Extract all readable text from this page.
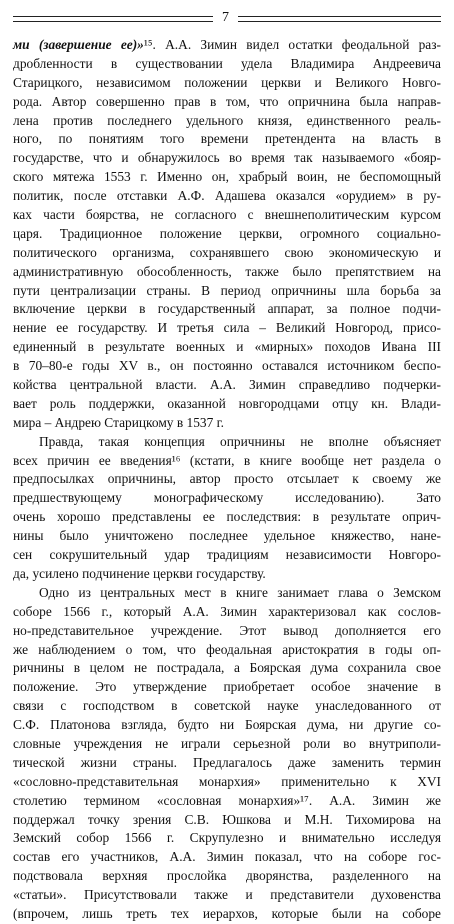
7
ми (завершение ее)»¹⁵. А.А. Зимин видел остатки феодальной раз-
дробленности в существовании удела Владимира Андреевича
Старицкого, независимом положении церкви и Великого Новго-
рода. Автор совершенно прав в том, что опричнина была направ-
лена против последнего удельного князя, единственного реаль-
ного, по понятиям того времени претендента на власть в
государстве, что и обнаружилось во время так называемого «бояр-
ского мятежа 1553 г. Именно он, храбрый воин, не беспомощный
политик, после отставки А.Ф. Адашева оказался «орудием» в ру-
ках части боярства, не согласного с внешнеполитическим курсом
царя. Традиционное положение церкви, огромного социально-
политического организма, сохранявшего свою экономическую и
административную обособленность, также было препятствием на
пути централизации страны. В период опричнины шла борьба за
включение церкви в государственный аппарат, за полное подчи-
нение ее государству. И третья сила – Великий Новгород, присо-
единенный в результате военных и «мирных» походов Ивана III
в 70–80-е годы XV в., он постоянно оставался источником беспо-
койства центральной власти. А.А. Зимин справедливо подчерки-
вает роль поддержки, оказанной новгородцами отцу кн. Влади-
мира – Андрею Старицкому в 1537 г.
Правда, такая концепция опричнины не вполне объясняет
всех причин ее введения¹⁶ (кстати, в книге вообще нет раздела о
предпосылках опричнины, автор просто отсылает к своему же
предшествующему монографическому исследованию). Зато
очень хорошо представлены ее последствия: в результате оприч-
нины было уничтожено последнее удельное княжество, нане-
сен сокрушительный удар традициям независимости Новгоро-
да, усилено подчинение церкви государству.
Одно из центральных мест в книге занимает глава о Земском
соборе 1566 г., который А.А. Зимин характеризовал как сослов-
но-представительное учреждение. Этот вывод дополняется его
же наблюдением о том, что феодальная аристократия в годы оп-
ричнины в целом не пострадала, а Боярская дума сохранила свое
положение. Это утверждение приобретает особое значение в
связи с господством в советской науке унаследованного от
С.Ф. Платонова взгляда, будто ни Боярская дума, ни другие со-
словные учреждения не играли серьезной роли во внутриполи-
тической жизни страны. Предлагалось даже заменить термин
«сословно-представительная монархия» применительно к XVI
столетию термином «сословная монархия»¹⁷. А.А. Зимин же
поддержал точку зрения С.В. Юшкова и М.Н. Тихомирова на
Земский собор 1566 г. Скрупулезно и внимательно исследуя
состав его участников, А.А. Зимин показал, что на соборе гос-
подствовала верхняя прослойка дворянства, разделенного на
«статьи». Присутствовали также и представители духовенства
(впрочем, лишь треть тех иерархов, которые были на соборе
